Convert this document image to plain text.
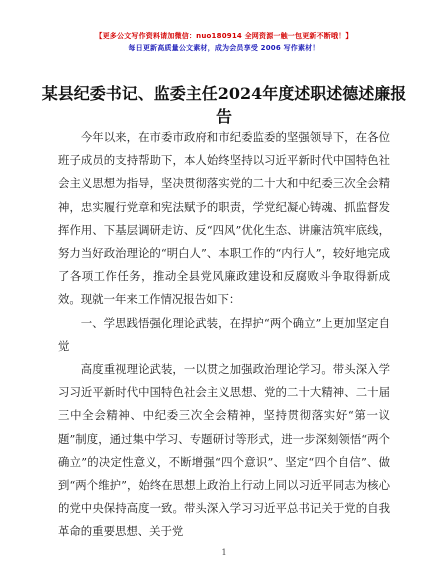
【更多公文写作资料请加微信：nuo180914 全网资源一触一包更新不断哦！】
每日更新高质量公文素材，成为会员享受 2006 写作素材！
某县纪委书记、监委主任2024年度述职述德述廉报告

今年以来，在市委市政府和市纪委监委的坚强领导下，在各位班子成员的支持帮助下，本人始终坚持以习近平新时代中国特色社会主义思想为指导，坚决贯彻落实党的二十大和中纪委三次全会精神，忠实履行党章和宪法赋予的职责，学党纪凝心铸魂、抓监督发挥作用、下基层调研走访、反“四风”优化生态、讲廉洁筑牢底线，努力当好政治理论的“明白人”、本职工作的“内行人”，较好地完成了各项工作任务，推动全县党风廉政建设和反腐败斗争取得新成效。现就一年来工作情况报告如下：

一、学思践悟强化理论武装，在捍护“两个确立”上更加坚定自觉

高度重视理论武装，一以贯之加强政治理论学习。带头深入学习习近平新时代中国特色社会主义思想、党的二十大精神、二十届三中全会精神、中纪委三次全会精神，坚持贯彻落实好“第一议题”制度，通过集中学习、专题研讨等形式，进一步深刻领悟“两个确立”的决定性意义，不断增强“四个意识”、坚定“四个自信”、做到“两个维护”，始终在思想上政治上行动上同以习近平同志为核心的党中央保持高度一致。带头深入学习习近平总书记关于党的自我革命的重要思想、关于党

1
